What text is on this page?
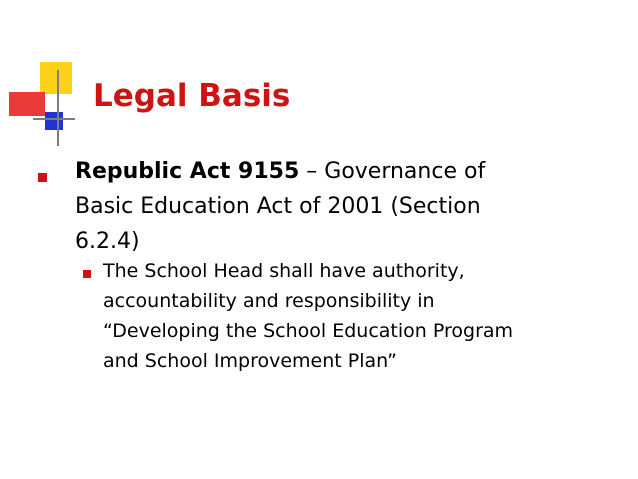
Legal Basis
Republic Act 9155 – Governance of
Basic Education Act of 2001 (Section
6.2.4)
The School Head shall have authority,
accountability and responsibility in
“Developing the School Education Program
and School Improvement Plan”
